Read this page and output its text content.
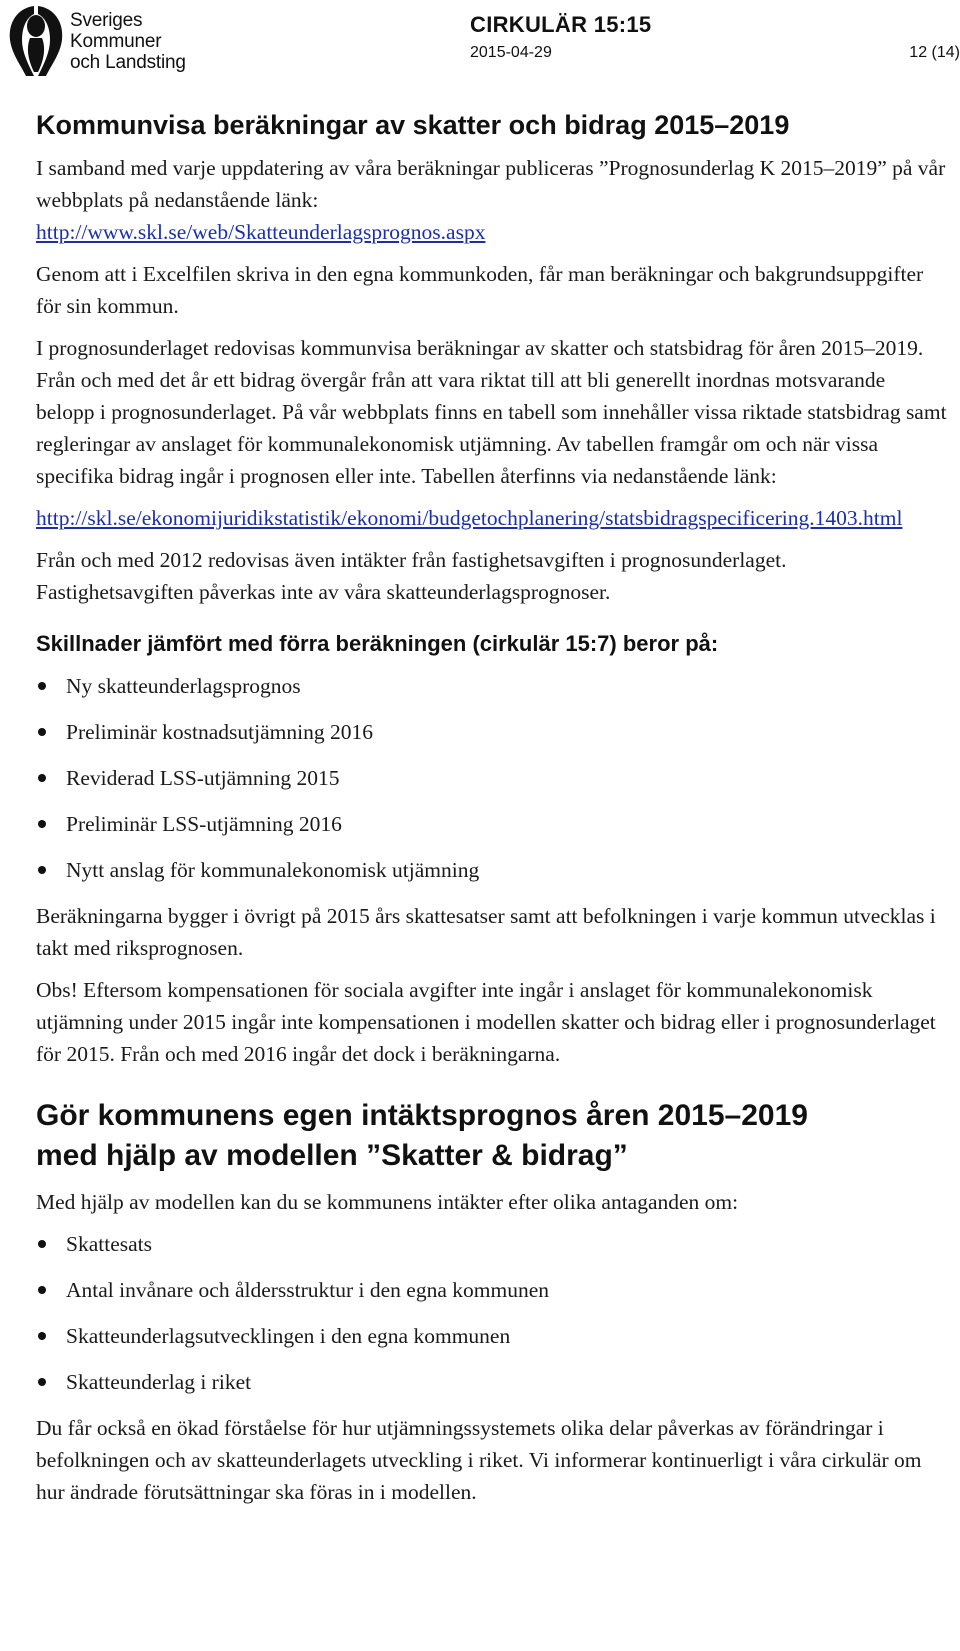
Sveriges
Kommuner
och Landsting
CIRKULÄR 15:15
2015-04-29	12 (14)
Kommunvisa beräkningar av skatter och bidrag 2015–2019

I samband med varje uppdatering av våra beräkningar publiceras ”Prognosunderlag K 2015–2019” på vår webbplats på nedanstående länk:
http://www.skl.se/web/Skatteunderlagsprognos.aspx

Genom att i Excelfilen skriva in den egna kommunkoden, får man beräkningar och bakgrundsuppgifter för sin kommun.

I prognosunderlaget redovisas kommunvisa beräkningar av skatter och statsbidrag för åren 2015–2019. Från och med det år ett bidrag övergår från att vara riktat till att bli generellt inordnas motsvarande belopp i prognosunderlaget. På vår webbplats finns en tabell som innehåller vissa riktade statsbidrag samt regleringar av anslaget för kommunalekonomisk utjämning. Av tabellen framgår om och när vissa specifika bidrag ingår i prognosen eller inte. Tabellen återfinns via nedanstående länk:

http://skl.se/ekonomijuridikstatistik/ekonomi/budgetochplanering/statsbidragspecificering.1403.html

Från och med 2012 redovisas även intäkter från fastighetsavgiften i prognosunderlaget. Fastighetsavgiften påverkas inte av våra skatteunderlagsprognoser.

Skillnader jämfört med förra beräkningen (cirkulär 15:7) beror på:
Ny skatteunderlagsprognos
Preliminär kostnadsutjämning 2016
Reviderad LSS-utjämning 2015
Preliminär LSS-utjämning 2016
Nytt anslag för kommunalekonomisk utjämning

Beräkningarna bygger i övrigt på 2015 års skattesatser samt att befolkningen i varje kommun utvecklas i takt med riksprognosen.

Obs! Eftersom kompensationen för sociala avgifter inte ingår i anslaget för kommunalekonomisk utjämning under 2015 ingår inte kompensationen i modellen skatter och bidrag eller i prognosunderlaget för 2015. Från och med 2016 ingår det dock i beräkningarna.

Gör kommunens egen intäktsprognos åren 2015–2019
med hjälp av modellen ”Skatter & bidrag”

Med hjälp av modellen kan du se kommunens intäkter efter olika antaganden om:

Skattesats
Antal invånare och åldersstruktur i den egna kommunen
Skatteunderlagsutvecklingen i den egna kommunen
Skatteunderlag i riket

Du får också en ökad förståelse för hur utjämningssystemets olika delar påverkas av förändringar i befolkningen och av skatteunderlagets utveckling i riket. Vi informerar kontinuerligt i våra cirkulär om hur ändrade förutsättningar ska föras in i modellen.
